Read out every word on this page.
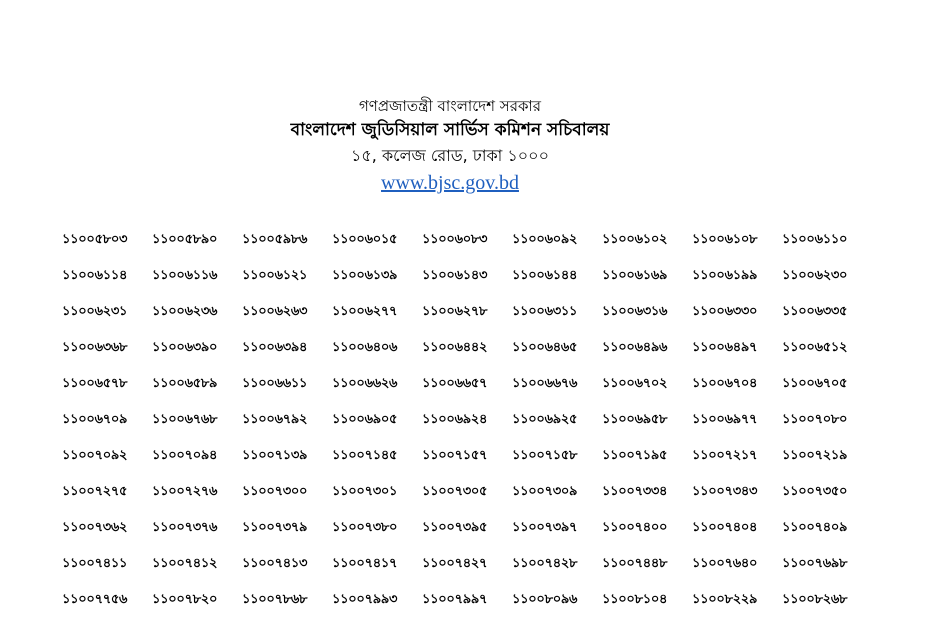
গণপ্রজাতন্ত্রী বাংলাদেশ সরকার
বাংলাদেশ জুডিসিয়াল সার্ভিস কমিশন সচিবালয়
১৫, কলেজ রোড, ঢাকা ১০০০
www.bjsc.gov.bd
১১০০৫৮০৩	১১০০৫৮৯০	১১০০৫৯৮৬	১১০০৬০১৫	১১০০৬০৮৩	১১০০৬০৯২	১১০০৬১০২	১১০০৬১০৮	১১০০৬১১০
১১০০৬১১৪	১১০০৬১১৬	১১০০৬১২১	১১০০৬১৩৯	১১০০৬১৪৩	১১০০৬১৪৪	১১০০৬১৬৯	১১০০৬১৯৯	১১০০৬২৩০
১১০০৬২৩১	১১০০৬২৩৬	১১০০৬২৬৩	১১০০৬২৭৭	১১০০৬২৭৮	১১০০৬৩১১	১১০০৬৩১৬	১১০০৬৩৩০	১১০০৬৩৩৫
১১০০৬৩৬৮	১১০০৬৩৯০	১১০০৬৩৯৪	১১০০৬৪০৬	১১০০৬৪৪২	১১০০৬৪৬৫	১১০০৬৪৯৬	১১০০৬৪৯৭	১১০০৬৫১২
১১০০৬৫৭৮	১১০০৬৫৮৯	১১০০৬৬১১	১১০০৬৬২৬	১১০০৬৬৫৭	১১০০৬৬৭৬	১১০০৬৭০২	১১০০৬৭০৪	১১০০৬৭০৫
১১০০৬৭০৯	১১০০৬৭৬৮	১১০০৬৭৯২	১১০০৬৯০৫	১১০০৬৯২৪	১১০০৬৯২৫	১১০০৬৯৫৮	১১০০৬৯৭৭	১১০০৭০৮০
১১০০৭০৯২	১১০০৭০৯৪	১১০০৭১৩৯	১১০০৭১৪৫	১১০০৭১৫৭	১১০০৭১৫৮	১১০০৭১৯৫	১১০০৭২১৭	১১০০৭২১৯
১১০০৭২৭৫	১১০০৭২৭৬	১১০০৭৩০০	১১০০৭৩০১	১১০০৭৩০৫	১১০০৭৩০৯	১১০০৭৩৩৪	১১০০৭৩৪৩	১১০০৭৩৫০
১১০০৭৩৬২	১১০০৭৩৭৬	১১০০৭৩৭৯	১১০০৭৩৮০	১১০০৭৩৯৫	১১০০৭৩৯৭	১১০০৭৪০০	১১০০৭৪০৪	১১০০৭৪০৯
১১০০৭৪১১	১১০০৭৪১২	১১০০৭৪১৩	১১০০৭৪১৭	১১০০৭৪২৭	১১০০৭৪২৮	১১০০৭৪৪৮	১১০০৭৬৪০	১১০০৭৬৯৮
১১০০৭৭৫৬	১১০০৭৮২০	১১০০৭৮৬৮	১১০০৭৯৯৩	১১০০৭৯৯৭	১১০০৮০৯৬	১১০০৮১০৪	১১০০৮২২৯	১১০০৮২৬৮
